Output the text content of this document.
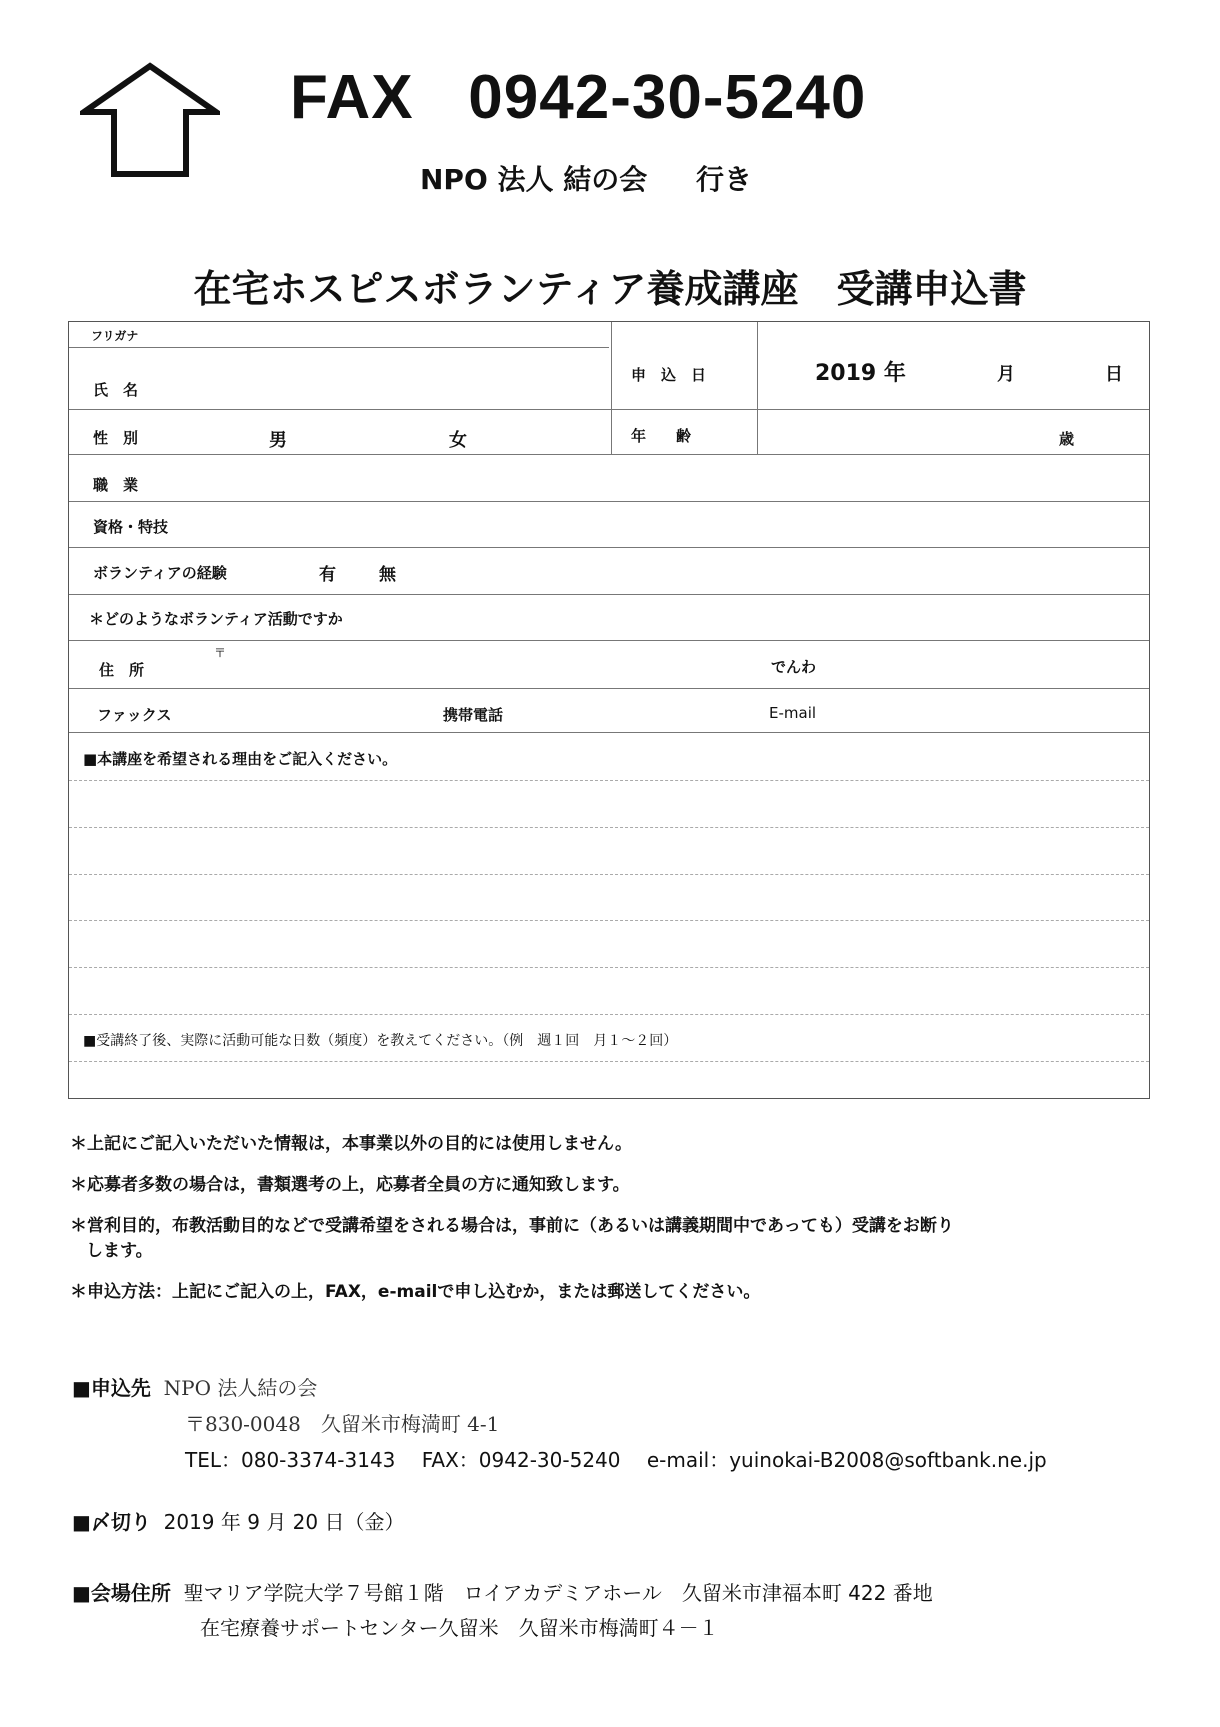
FAX 0942-30-5240
NPO 法人 結の会 行き
在宅ホスピスボランティア養成講座　受講申込書
フリガナ
氏　名
申　込　日	2019 年	月	日
性　別	男	女	年　　齢	歳
職　業
資格・特技
ボランティアの経験	有	無
＊どのようなボランティア活動ですか
住　所
〒
でんわ
ファックス	携帯電話	E-mail
■本講座を希望される理由をご記入ください。
■受講終了後、実際に活動可能な日数（頻度）を教えてください。（例　週１回　月１～２回）
＊上記にご記入いただいた情報は，本事業以外の目的には使用しません。
＊応募者多数の場合は，書類選考の上，応募者全員の方に通知致します。
＊営利目的，布教活動目的などで受講希望をされる場合は，事前に（あるいは講義期間中であっても）受講をお断り
します。
＊申込方法：上記にご記入の上，FAX，e-mailで申し込むか，または郵送してください。
■申込先 NPO 法人結の会
〒830-0048　久留米市梅満町 4-1
TEL：080-3374-3143　 FAX：0942-30-5240　 e-mail：yuinokai-B2008@softbank.ne.jp
■〆切り 2019 年 9 月 20 日（金）
■会場住所 聖マリア学院大学７号館１階　ロイアカデミアホール　久留米市津福本町 422 番地
在宅療養サポートセンター久留米　久留米市梅満町４－１
